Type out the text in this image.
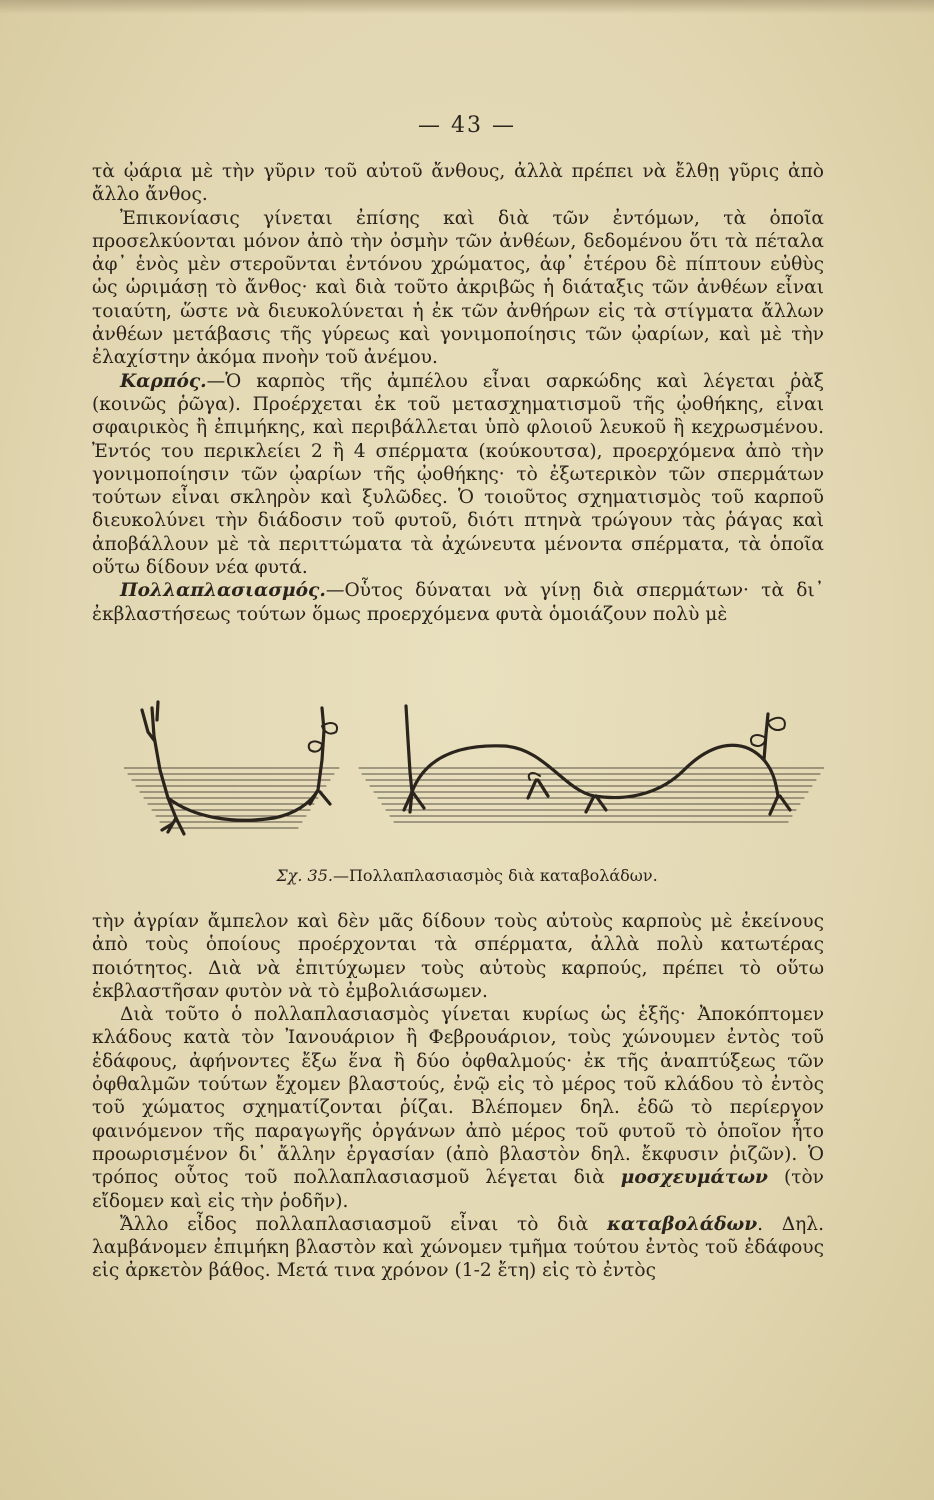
— 43 —

τὰ ᾠάρια μὲ τὴν γῦριν τοῦ αὐτοῦ ἄνθους, ἀλλὰ πρέπει νὰ ἔλθῃ γῦρις ἀπὸ ἄλλο ἄνθος.

Ἐπικονίασις γίνεται ἐπίσης καὶ διὰ τῶν ἐντόμων, τὰ ὁποῖα προσελκύονται μόνον ἀπὸ τὴν ὀσμὴν τῶν ἀνθέων, δεδομένου ὅτι τὰ πέταλα ἀφ᾽ ἑνὸς μὲν στεροῦνται ἐντόνου χρώματος, ἀφ᾽ ἑτέρου δὲ πίπτουν εὐθὺς ὡς ὡριμάσῃ τὸ ἄνθος· καὶ διὰ τοῦτο ἀκριβῶς ἡ διάταξις τῶν ἀνθέων εἶναι τοιαύτη, ὥστε νὰ διευκολύνεται ἡ ἐκ τῶν ἀνθήρων εἰς τὰ στίγματα ἄλλων ἀνθέων μετάβασις τῆς γύρεως καὶ γονιμοποίησις τῶν ᾠαρίων, καὶ μὲ τὴν ἐλαχίστην ἀκόμα πνοὴν τοῦ ἀνέμου.

Καρπός.—Ὁ καρπὸς τῆς ἀμπέλου εἶναι σαρκώδης καὶ λέγεται ῥὰξ (κοινῶς ῥῶγα). Προέρχεται ἐκ τοῦ μετασχηματισμοῦ τῆς ᾠοθήκης, εἶναι σφαιρικὸς ἢ ἐπιμήκης, καὶ περιβάλλεται ὑπὸ φλοιοῦ λευκοῦ ἢ κεχρωσμένου. Ἐντός του περικλείει 2 ἢ 4 σπέρματα (κούκουτσα), προερχόμενα ἀπὸ τὴν γονιμοποίησιν τῶν ᾠαρίων τῆς ᾠοθήκης· τὸ ἐξωτερικὸν τῶν σπερμάτων τούτων εἶναι σκληρὸν καὶ ξυλῶδες. Ὁ τοιοῦτος σχηματισμὸς τοῦ καρποῦ διευκολύνει τὴν διάδοσιν τοῦ φυτοῦ, διότι πτηνὰ τρώγουν τὰς ῥάγας καὶ ἀποβάλλουν μὲ τὰ περιττώματα τὰ ἀχώνευτα μένοντα σπέρματα, τὰ ὁποῖα οὕτω δίδουν νέα φυτά.

Πολλαπλασιασμός.—Οὗτος δύναται νὰ γίνῃ διὰ σπερμάτων· τὰ δι᾽ ἐκβλαστήσεως τούτων ὅμως προερχόμενα φυτὰ ὁμοιάζουν πολὺ μὲ

Σχ. 35.—Πολλαπλασιασμὸς διὰ καταβολάδων.

τὴν ἀγρίαν ἄμπελον καὶ δὲν μᾶς δίδουν τοὺς αὐτοὺς καρποὺς μὲ ἐκείνους ἀπὸ τοὺς ὁποίους προέρχονται τὰ σπέρματα, ἀλλὰ πολὺ κατωτέρας ποιότητος. Διὰ νὰ ἐπιτύχωμεν τοὺς αὐτοὺς καρπούς, πρέπει τὸ οὕτω ἐκβλαστῆσαν φυτὸν νὰ τὸ ἐμβολιάσωμεν.

Διὰ τοῦτο ὁ πολλαπλασιασμὸς γίνεται κυρίως ὡς ἑξῆς· Ἀποκόπτομεν κλάδους κατὰ τὸν Ἰανουάριον ἢ Φεβρουάριον, τοὺς χώνουμεν ἐντὸς τοῦ ἐδάφους, ἀφήνοντες ἔξω ἕνα ἢ δύο ὀφθαλμούς· ἐκ τῆς ἀναπτύξεως τῶν ὀφθαλμῶν τούτων ἔχομεν βλαστούς, ἐνῷ εἰς τὸ μέρος τοῦ κλάδου τὸ ἐντὸς τοῦ χώματος σχηματίζονται ῥίζαι. Βλέπομεν δηλ. ἐδῶ τὸ περίεργον φαινόμενον τῆς παραγωγῆς ὀργάνων ἀπὸ μέρος τοῦ φυτοῦ τὸ ὁποῖον ἦτο προωρισμένον δι᾽ ἄλλην ἐργασίαν (ἀπὸ βλαστὸν δηλ. ἔκφυσιν ῥιζῶν). Ὁ τρόπος οὗτος τοῦ πολλαπλασιασμοῦ λέγεται διὰ μοσχευμάτων (τὸν εἴδομεν καὶ εἰς τὴν ῥοδῆν).

Ἄλλο εἶδος πολλαπλασιασμοῦ εἶναι τὸ διὰ καταβολάδων. Δηλ. λαμβάνομεν ἐπιμήκη βλαστὸν καὶ χώνομεν τμῆμα τούτου ἐντὸς τοῦ ἐδάφους εἰς ἀρκετὸν βάθος. Μετά τινα χρόνον (1-2 ἔτη) εἰς τὸ ἐντὸς
